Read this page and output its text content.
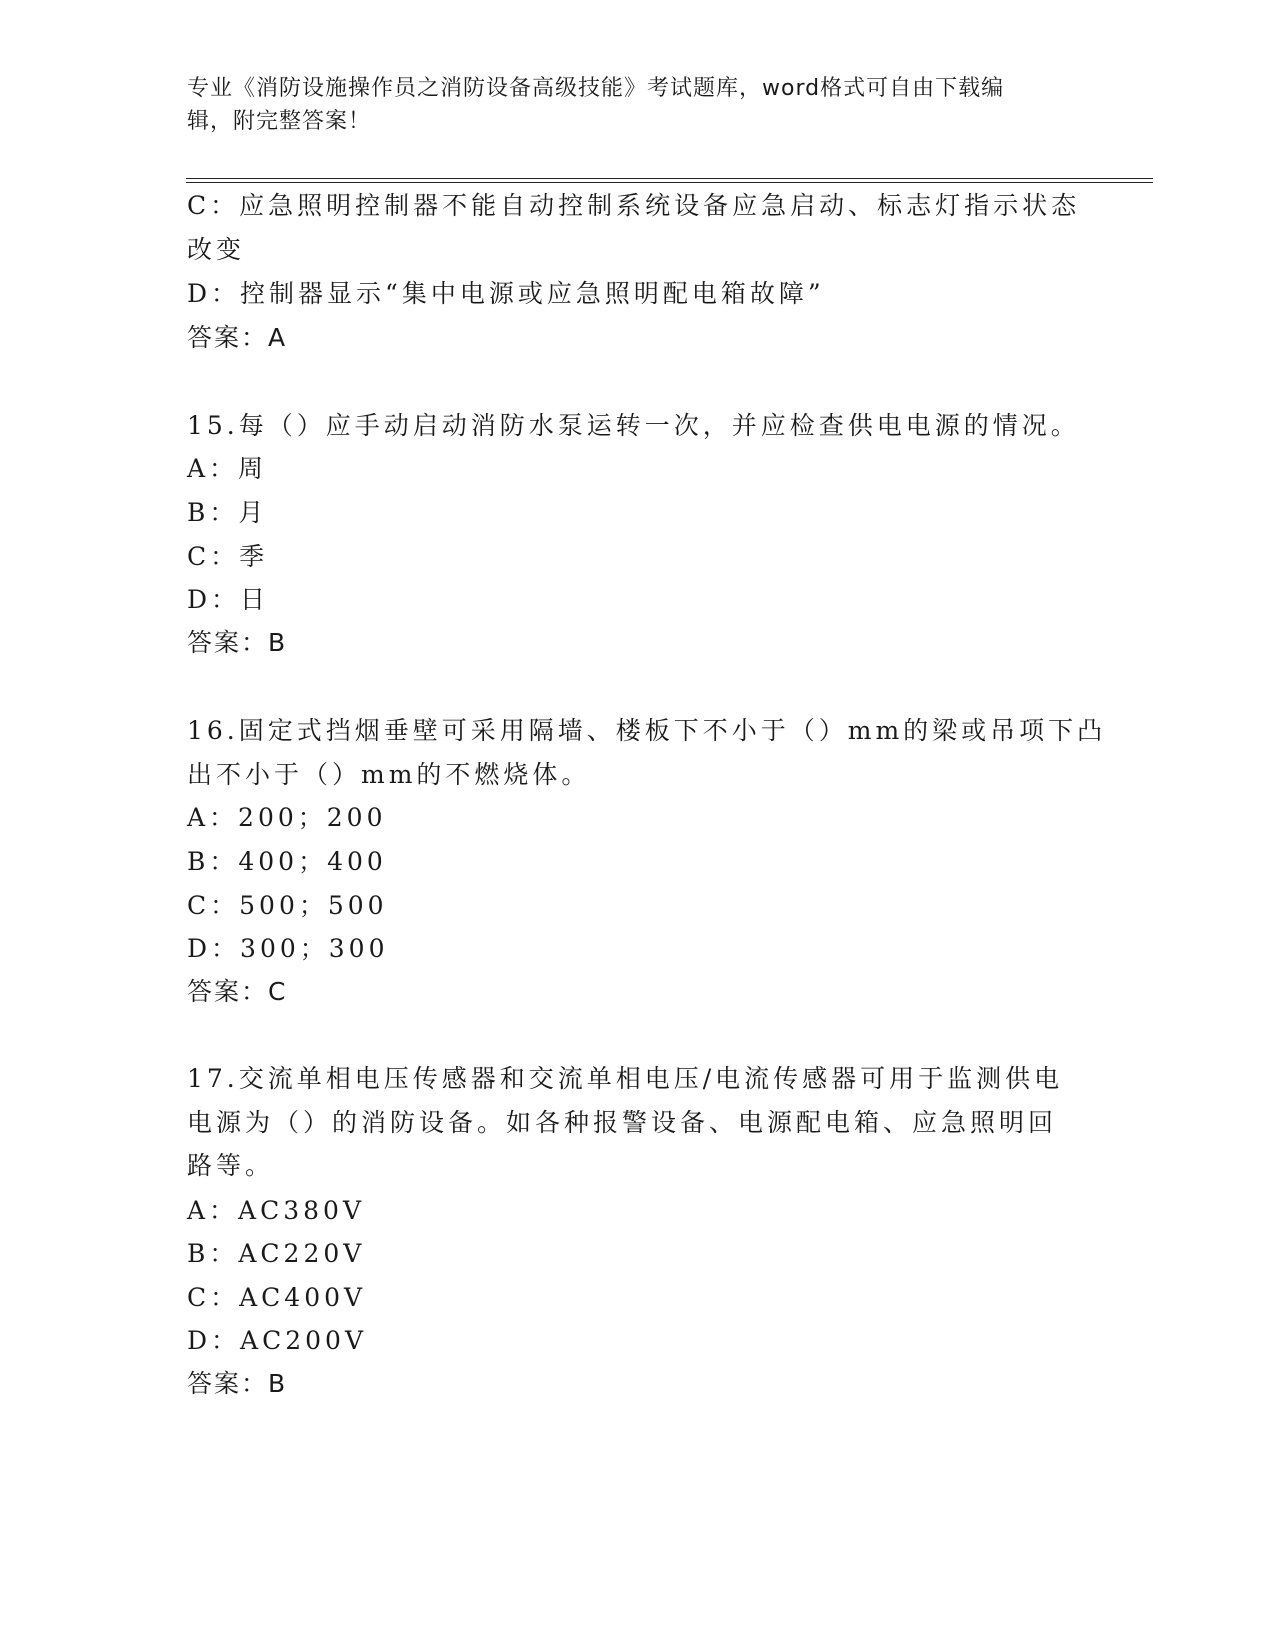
专业《消防设施操作员之消防设备高级技能》考试题库，word格式可自由下载编
辑，附完整答案！
C：应急照明控制器不能自动控制系统设备应急启动、标志灯指示状态
改变
D：控制器显示“集中电源或应急照明配电箱故障”
答案：A
15.每（）应手动启动消防水泵运转一次，并应检查供电电源的情况。
A：周
B：月
C：季
D：日
答案：B
16.固定式挡烟垂壁可采用隔墙、楼板下不小于（）mm的梁或吊项下凸
出不小于（）mm的不燃烧体。
A：200；200
B：400；400
C：500；500
D：300；300
答案：C
17.交流单相电压传感器和交流单相电压/电流传感器可用于监测供电
电源为（）的消防设备。如各种报警设备、电源配电箱、应急照明回
路等。
A：AC380V
B：AC220V
C：AC400V
D：AC200V
答案：B
